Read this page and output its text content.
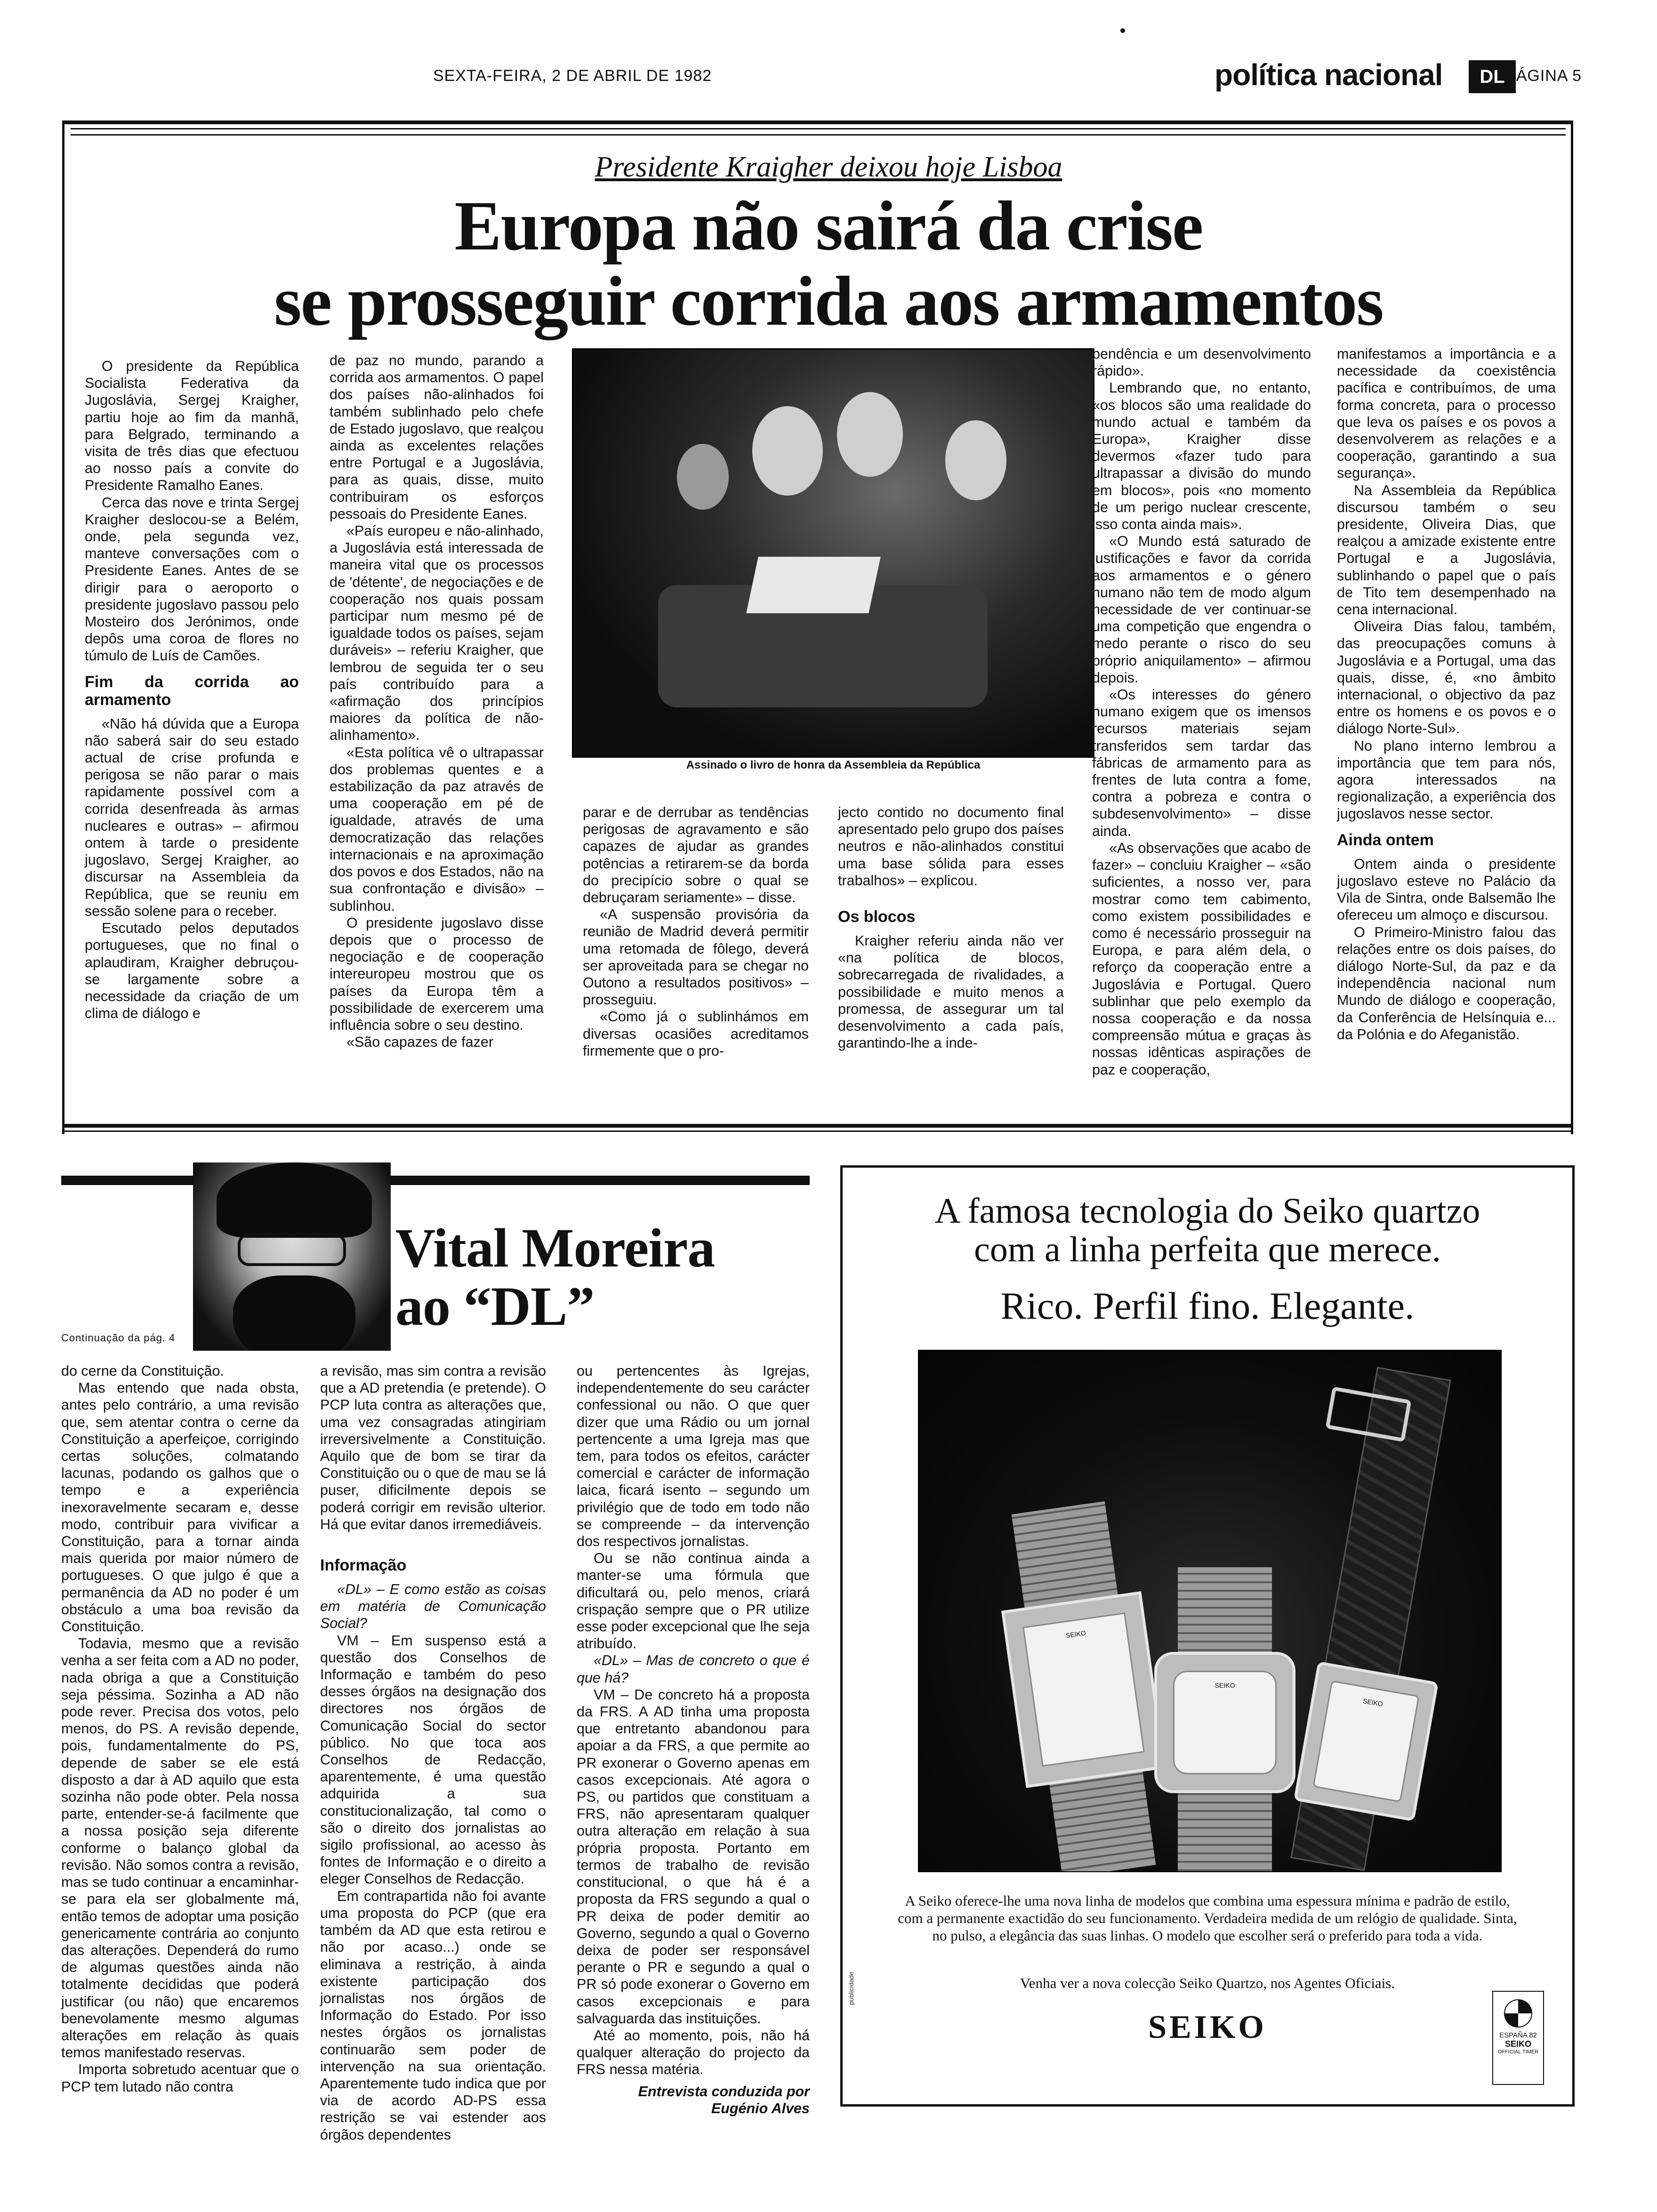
SEXTA-FEIRA, 2 DE ABRIL DE 1982	política nacional	DL PÁGINA 5
Presidente Kraigher deixou hoje Lisboa
Europa não sairá da crise
se prosseguir corrida aos armamentos

O presidente da República Socialista Federativa da Jugoslávia, Sergej Kraigher, partiu hoje ao fim da manhã, para Belgrado, terminando a visita de três dias que efectuou ao nosso país a convite do Presidente Ramalho Eanes.

Cerca das nove e trinta Sergej Kraigher deslocou-se a Belém, onde, pela segunda vez, manteve conversações com o Presidente Eanes. Antes de se dirigir para o aeroporto o presidente jugoslavo passou pelo Mosteiro dos Jerónimos, onde depôs uma coroa de flores no túmulo de Luís de Camões.

Fim da corrida ao armamento

«Não há dúvida que a Europa não saberá sair do seu estado actual de crise profunda e perigosa se não parar o mais rapidamente possível com a corrida desenfreada às armas nucleares e outras» – afirmou ontem à tarde o presidente jugoslavo, Sergej Kraigher, ao discursar na Assembleia da República, que se reuniu em sessão solene para o receber.

Escutado pelos deputados portugueses, que no final o aplaudiram, Kraigher debruçou-se largamente sobre a necessidade da criação de um clima de diálogo e

de paz no mundo, parando a corrida aos armamentos. O papel dos países não-alinhados foi também sublinhado pelo chefe de Estado jugoslavo, que realçou ainda as excelentes relações entre Portugal e a Jugoslávia, para as quais, disse, muito contribuiram os esforços pessoais do Presidente Eanes.

«País europeu e não-alinhado, a Jugoslávia está interessada de maneira vital que os processos de 'détente', de negociações e de cooperação nos quais possam participar num mesmo pé de igualdade todos os países, sejam duráveis» – referiu Kraigher, que lembrou de seguida ter o seu país contribuído para a «afirmação dos princípios maiores da política de não-alinhamento».

«Esta política vê o ultrapassar dos problemas quentes e a estabilização da paz através de uma cooperação em pé de igualdade, através de uma democratização das relações internacionais e na aproximação dos povos e dos Estados, não na sua confrontação e divisão» – sublinhou.

O presidente jugoslavo disse depois que o processo de negociação e de cooperação intereuropeu mostrou que os países da Europa têm a possibilidade de exercerem uma influência sobre o seu destino.

«São capazes de fazer

Assinado o livro de honra da Assembleia da República

parar e de derrubar as tendências perigosas de agravamento e são capazes de ajudar as grandes potências a retirarem-se da borda do precipício sobre o qual se debruçaram seriamente» – disse.

«A suspensão provisória da reunião de Madrid deverá permitir uma retomada de fôlego, deverá ser aproveitada para se chegar no Outono a resultados positivos» – prosseguiu.

«Como já o sublinhámos em diversas ocasiões acreditamos firmemente que o pro-

jecto contido no documento final apresentado pelo grupo dos países neutros e não-alinhados constitui uma base sólida para esses trabalhos» – explicou.

Os blocos

Kraigher referiu ainda não ver «na política de blocos, sobrecarregada de rivalidades, a possibilidade e muito menos a promessa, de assegurar um tal desenvolvimento a cada país, garantindo-lhe a inde-

pendência e um desenvolvimento rápido».

Lembrando que, no entanto, «os blocos são uma realidade do mundo actual e também da Europa», Kraigher disse devermos «fazer tudo para ultrapassar a divisão do mundo em blocos», pois «no momento de um perigo nuclear crescente, isso conta ainda mais».

«O Mundo está saturado de justificações e favor da corrida aos armamentos e o género humano não tem de modo algum necessidade de ver continuar-se uma competição que engendra o medo perante o risco do seu próprio aniquilamento» – afirmou depois.

«Os interesses do género humano exigem que os imensos recursos materiais sejam transferidos sem tardar das fábricas de armamento para as frentes de luta contra a fome, contra a pobreza e contra o subdesenvolvimento» – disse ainda.

«As observações que acabo de fazer» – concluiu Kraigher – «são suficientes, a nosso ver, para mostrar como tem cabimento, como existem possibilidades e como é necessário prosseguir na Europa, e para além dela, o reforço da cooperação entre a Jugoslávia e Portugal. Quero sublinhar que pelo exemplo da nossa cooperação e da nossa compreensão mútua e graças às nossas idênticas aspirações de paz e cooperação,

manifestamos a importância e a necessidade da coexistência pacífica e contribuímos, de uma forma concreta, para o processo que leva os países e os povos a desenvolverem as relações e a cooperação, garantindo a sua segurança».

Na Assembleia da República discursou também o seu presidente, Oliveira Dias, que realçou a amizade existente entre Portugal e a Jugoslávia, sublinhando o papel que o país de Tito tem desempenhado na cena internacional.

Oliveira Dias falou, também, das preocupações comuns à Jugoslávia e a Portugal, uma das quais, disse, é, «no âmbito internacional, o objectivo da paz entre os homens e os povos e o diálogo Norte-Sul».

No plano interno lembrou a importância que tem para nós, agora interessados na regionalização, a experiência dos jugoslavos nesse sector.

Ainda ontem

Ontem ainda o presidente jugoslavo esteve no Palácio da Vila de Sintra, onde Balsemão lhe ofereceu um almoço e discursou.

O Primeiro-Ministro falou das relações entre os dois países, do diálogo Norte-Sul, da paz e da independência nacional num Mundo de diálogo e cooperação, da Conferência de Helsínquia e... da Polónia e do Afeganistão.

Vital Moreira
ao “DL”
Continuação da pág. 4

do cerne da Constituição.

Mas entendo que nada obsta, antes pelo contrário, a uma revisão que, sem atentar contra o cerne da Constituição a aperfeiçoe, corrigindo certas soluções, colmatando lacunas, podando os galhos que o tempo e a experiência inexoravelmente secaram e, desse modo, contribuir para vivificar a Constituição, para a tornar ainda mais querida por maior número de portugueses. O que julgo é que a permanência da AD no poder é um obstáculo a uma boa revisão da Constituição.

Todavia, mesmo que a revisão venha a ser feita com a AD no poder, nada obriga a que a Constituição seja péssima. Sozinha a AD não pode rever. Precisa dos votos, pelo menos, do PS. A revisão depende, pois, fundamentalmente do PS, depende de saber se ele está disposto a dar à AD aquilo que esta sozinha não pode obter. Pela nossa parte, entender-se-á facilmente que a nossa posição seja diferente conforme o balanço global da revisão. Não somos contra a revisão, mas se tudo continuar a encaminhar-se para ela ser globalmente má, então temos de adoptar uma posição genericamente contrária ao conjunto das alterações. Dependerá do rumo de algumas questões ainda não totalmente decididas que poderá justificar (ou não) que encaremos benevolamente mesmo algumas alterações em relação às quais temos manifestado reservas.

Importa sobretudo acentuar que o PCP tem lutado não contra

a revisão, mas sim contra a revisão que a AD pretendia (e pretende). O PCP luta contra as alterações que, uma vez consagradas atingiriam irreversivelmente a Constituição. Aquilo que de bom se tirar da Constituição ou o que de mau se lá puser, dificilmente depois se poderá corrigir em revisão ulterior. Há que evitar danos irremediáveis.

Informação

«DL» – E como estão as coisas em matéria de Comunicação Social?

VM – Em suspenso está a questão dos Conselhos de Informação e também do peso desses órgãos na designação dos directores nos órgãos de Comunicação Social do sector público. No que toca aos Conselhos de Redacção, aparentemente, é uma questão adquirida a sua constitucionalização, tal como o são o direito dos jornalistas ao sigilo profissional, ao acesso às fontes de Informação e o direito a eleger Conselhos de Redacção.

Em contrapartida não foi avante uma proposta do PCP (que era também da AD que esta retirou e não por acaso...) onde se eliminava a restrição, à ainda existente participação dos jornalistas nos órgãos de Informação do Estado. Por isso nestes órgãos os jornalistas continuarão sem poder de intervenção na sua orientação. Aparentemente tudo indica que por via de acordo AD-PS essa restrição se vai estender aos órgãos dependentes

ou pertencentes às Igrejas, independentemente do seu carácter confessional ou não. O que quer dizer que uma Rádio ou um jornal pertencente a uma Igreja mas que tem, para todos os efeitos, carácter comercial e carácter de informação laica, ficará isento – segundo um privilégio que de todo em todo não se compreende – da intervenção dos respectivos jornalistas.

Ou se não continua ainda a manter-se uma fórmula que dificultará ou, pelo menos, criará crispação sempre que o PR utilize esse poder excepcional que lhe seja atribuído.

«DL» – Mas de concreto o que é que há?

VM – De concreto há a proposta da FRS. A AD tinha uma proposta que entretanto abandonou para apoiar a da FRS, a que permite ao PR exonerar o Governo apenas em casos excepcionais. Até agora o PS, ou partidos que constituam a FRS, não apresentaram qualquer outra alteração em relação à sua própria proposta. Portanto em termos de trabalho de revisão constitucional, o que há é a proposta da FRS segundo a qual o PR deixa de poder demitir ao Governo, segundo a qual o Governo deixa de poder ser responsável perante o PR e segundo a qual o PR só pode exonerar o Governo em casos excepcionais e para salvaguarda das instituições.

Até ao momento, pois, não há qualquer alteração do projecto da FRS nessa matéria.

Entrevista conduzida por
Eugénio Alves
A famosa tecnologia do Seiko quartzo
com a linha perfeita que merece.
Rico. Perfil fino. Elegante.
SEIKO
SEIKO
SEIKO
A Seiko oferece-lhe uma nova linha de modelos que combina uma espessura mínima e padrão de estilo, com a permanente exactidão do seu funcionamento. Verdadeira medida de um relógio de qualidade. Sinta, no pulso, a elegância das suas linhas. O modelo que escolher será o preferido para toda a vida.
Venha ver a nova colecção Seiko Quartzo, nos Agentes Oficiais.
SEIKO
publicidade
ESPAÑA 82
SEIKO
OFFICIAL TIMER
